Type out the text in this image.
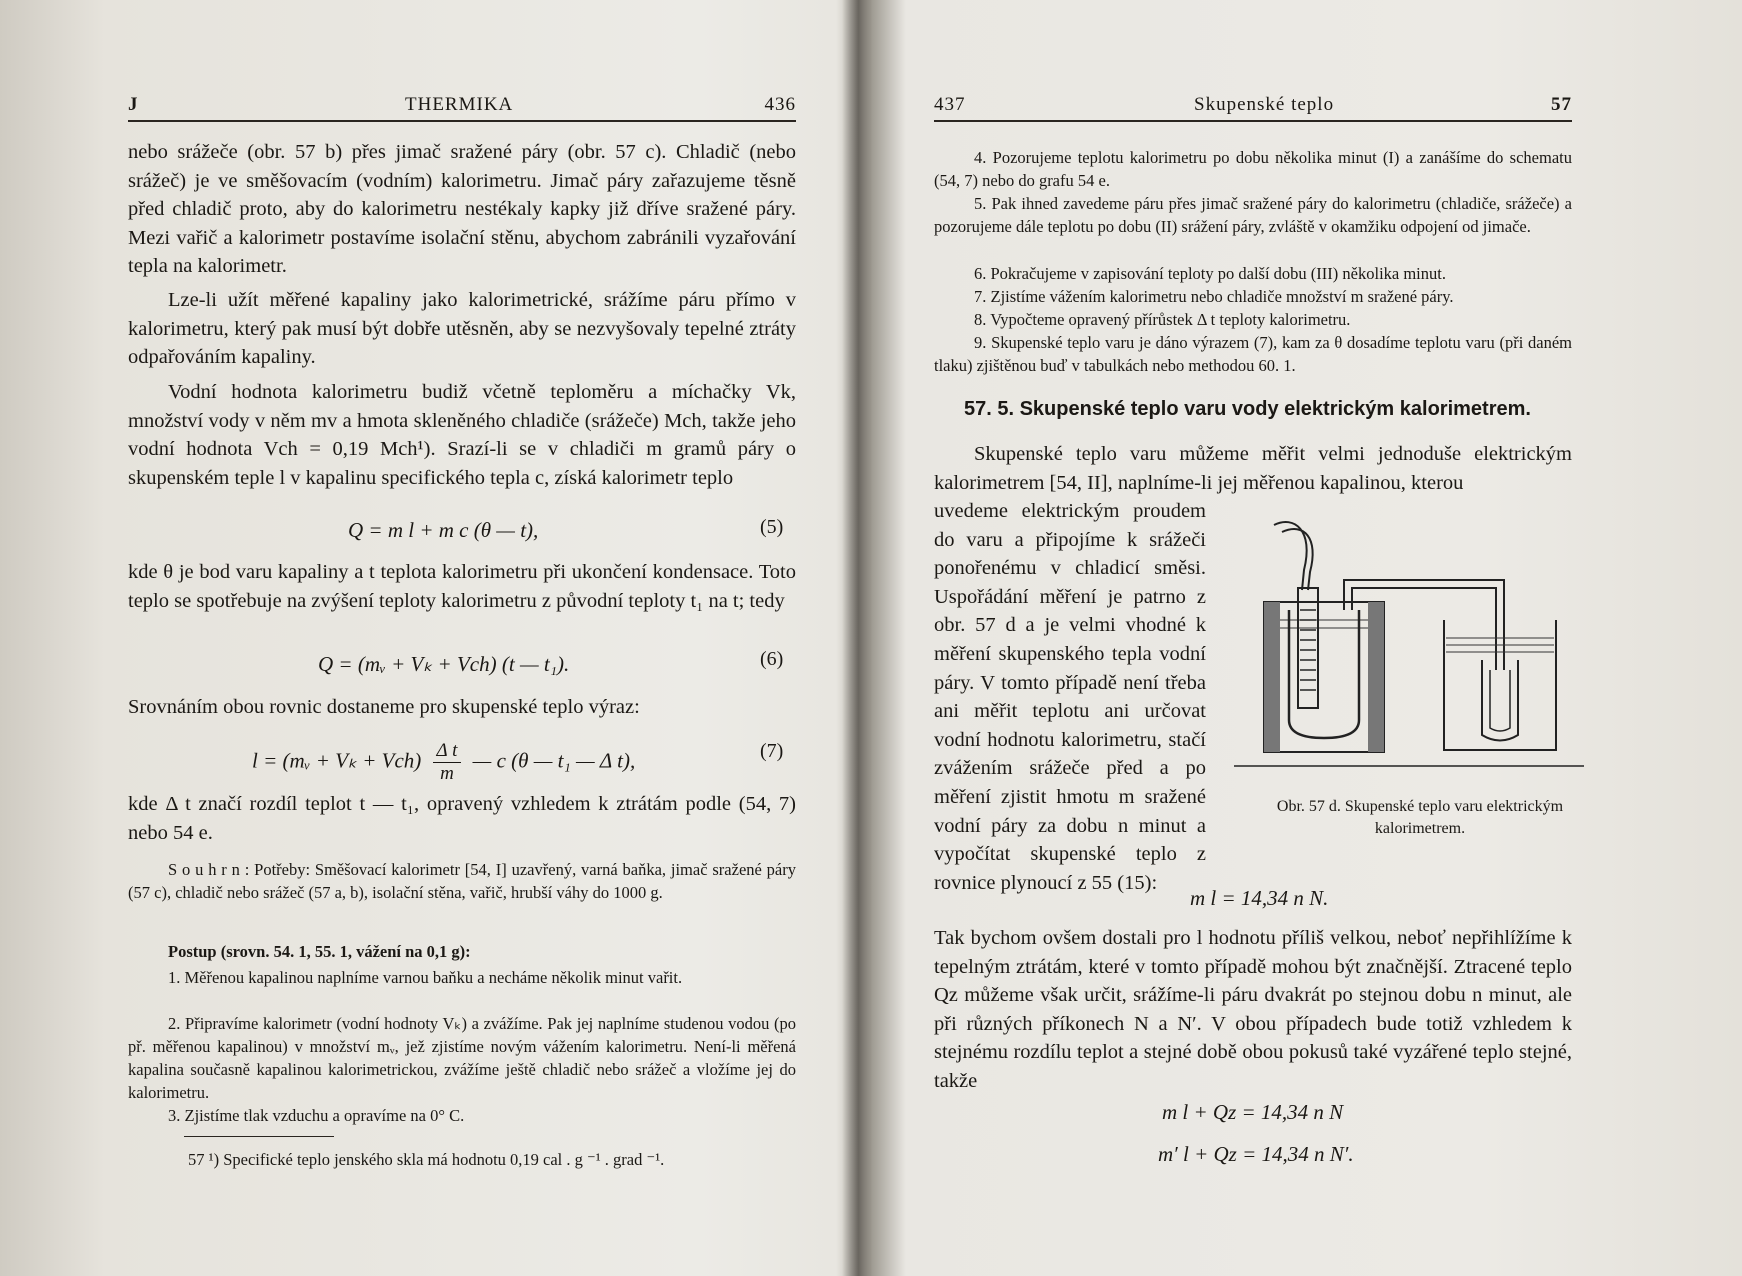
J	THERMIKA	436

nebo srážeče (obr. 57 b) přes jimač sražené páry (obr. 57 c). Chladič (nebo srážeč) je ve směšovacím (vodním) kalorimetru. Jimač páry zařazujeme těsně před chladič proto, aby do kalorimetru nestékaly kapky již dříve sražené páry. Mezi vařič a kalorimetr postavíme isolační stěnu, abychom zabránili vyzařování tepla na kalorimetr.

Lze-li užít měřené kapaliny jako kalorimetrické, srážíme páru přímo v kalorimetru, který pak musí být dobře utěsněn, aby se nezvyšovaly tepelné ztráty odpařováním kapaliny.

Vodní hodnota kalorimetru budiž včetně teploměru a míchačky Vk, množství vody v něm mv a hmota skleněného chladiče (srážeče) Mch, takže jeho vodní hodnota Vch = 0,19 Mch¹). Srazí-li se v chladiči m gramů páry o skupenském teple l v kapalinu specifického tepla c, získá kalorimetr teplo

Q = m l + m c (θ — t),	(5)

kde θ je bod varu kapaliny a t teplota kalorimetru při ukončení kondensace. Toto teplo se spotřebuje na zvýšení teploty kalorimetru z původní teploty t₁ na t; tedy

Q = (mᵥ + Vₖ + Vch) (t — t₁).	(6)

Srovnáním obou rovnic dostaneme pro skupenské teplo výraz:

l = (mᵥ + $V_k + Vch) \frac{\text{Δ t}}{m}$ — c (θ — t₁ — Δ t),	(7)

kde Δ t značí rozdíl teplot t — t₁, opravený vzhledem k ztrátám podle (54, 7) nebo 54 e.

S o u h r n : Potřeby: Směšovací kalorimetr [54, I] uzavřený, varná baňka, jimač sražené páry (57 c), chladič nebo srážeč (57 a, b), isolační stěna, vařič, hrubší váhy do 1000 g.

Postup (srovn. 54. 1, 55. 1, vážení na 0,1 g):

1. Měřenou kapalinou naplníme varnou baňku a necháme několik minut vařit.

2. Připravíme kalorimetr (vodní hodnoty Vₖ) a zvážíme. Pak jej naplníme studenou vodou (po př. měřenou kapalinou) v množství mᵥ, jež zjistíme novým vážením kalorimetru. Není-li měřená kapalina současně kapalinou kalorimetrickou, zvážíme ještě chladič nebo srážeč a vložíme jej do kalorimetru.

3. Zjistíme tlak vzduchu a opravíme na 0° C.

57 ¹) Specifické teplo jenského skla má hodnotu 0,19 cal . g ⁻¹ . grad ⁻¹.

437	Skupenské teplo	57

4. Pozorujeme teplotu kalorimetru po dobu několika minut (I) a zanášíme do schematu (54, 7) nebo do grafu 54 e.

5. Pak ihned zavedeme páru přes jimač sražené páry do kalorimetru (chladiče, srážeče) a pozorujeme dále teplotu po dobu (II) srážení páry, zvláště v okamžiku odpojení od jimače.

6. Pokračujeme v zapisování teploty po další dobu (III) několika minut.

7. Zjistíme vážením kalorimetru nebo chladiče množství m sražené páry.

8. Vypočteme opravený přírůstek Δ t teploty kalorimetru.

9. Skupenské teplo varu je dáno výrazem (7), kam za θ dosadíme teplotu varu (při daném tlaku) zjištěnou buď v tabulkách nebo methodou 60. 1.

57. 5. Skupenské teplo varu vody elektrickým kalorimetrem.

Skupenské teplo varu můžeme měřit velmi jednoduše elektrickým kalorimetrem [54, II], naplníme-li jej měřenou kapalinou, kterou

uvedeme elektrickým proudem do varu a připojíme k srážeči ponořenému v chladicí směsi. Uspořádání měření je patrno z obr. 57 d a je velmi vhodné k měření skupenského tepla vodní páry. V tomto případě není třeba ani měřit teplotu ani určovat vodní hodnotu kalorimetru, stačí zvážením srážeče před a po měření zjistit hmotu m sražené vodní páry za dobu n minut a vypočítat skupenské teplo z rovnice plynoucí z 55 (15):

Obr. 57 d. Skupenské teplo varu elektrickým kalorimetrem.

m l = 14,34 n N.

Tak bychom ovšem dostali pro l hodnotu příliš velkou, neboť nepřihlížíme k tepelným ztrátám, které v tomto případě mohou být značnější. Ztracené teplo Qz můžeme však určit, srážíme-li páru dvakrát po stejnou dobu n minut, ale při různých příkonech N a N′. V obou případech bude totiž vzhledem k stejnému rozdílu teplot a stejné době obou pokusů také vyzářené teplo stejné, takže

m l + Qz = 14,34 n N
m′ l + Qz = 14,34 n N′.
